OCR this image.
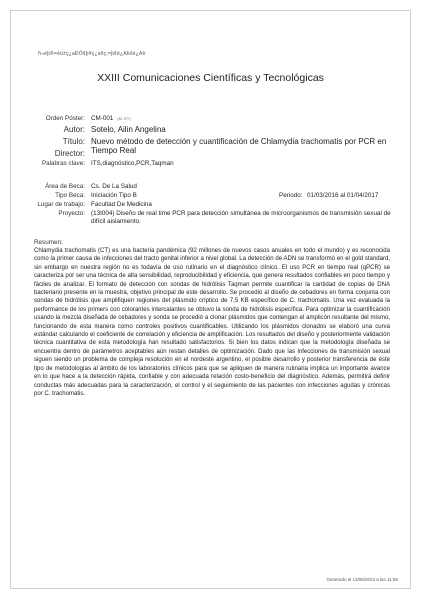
ñ¬éþ®=éü±ç¿aÐÖ¢þ¥ç¿añç;=þ¢é¿Abðé¿Atr
XXIII Comunicaciones Científicas y Tecnológicas
Orden Póster: CM-001 (ID: 977)
Autor: Sotelo, Ailin Angelina
Título: Nuevo método de detección y cuantificación de Chlamydia trachomatis por PCR en Tiempo Real
Director:
Palabras clave: ITS,diagnóstico,PCR,Taqman
Área de Beca: Cs. De La Salud
Tipo Beca: Iniciación Tipo B	Periodo: 01/03/2016 al 01/04/2017
Lugar de trabajo: Facultad De Medicina
Proyecto: (13I004) Diseño de real time PCR para detección simultánea de microorganismos de transmisión sexual de difícil aislamiento.
Resumen:
Chlamydia trachomatis (CT) es una bacteria pandémica (92 millones de nuevos casos anuales en todo el mundo) y es reconocida como la primer causa de infecciones del tracto genital inferior a nivel global. La detección de ADN se transformó en el gold standard, sin embargo en nuestra región no es todavía de uso rutinario en el diagnóstico clínico. El uso PCR en tiempo real (qPCR) se caracteriza por ser una técnica de alta sensibilidad, reproducibilidad y eficiencia, que genera resultados confiables en poco tiempo y fáciles de analizar. El formato de detección con sondas de hidrólisis Taqman permite cuantificar la cantidad de copias de DNA bacteriano presente en la muestra, objetivo principal de este desarrollo. Se procedió al diseño de cebadores en forma conjunta con sondas de hidrólisis que amplifiquen regiones del plásmido críptico de 7,5 KB específico de C. trachomatis. Una vez evaluada la performance de los primers con colorantes intercalantes se obtuvo la sonda de hidrólisis específica. Para optimizar la cuantificación usando la mezcla diseñada de cebadores y sonda se procedió a clonar plásmidos que contengan el amplicón resultante del mismo, funcionando de esta manera como controles positivos cuantificables. Utilizando los plásmidos clonados se elaboró una curva estándar calculando el coeficiente de correlación y eficiencia de amplificación. Los resultados del diseño y posteriormente validación técnica cuantitativa de esta metodología han resultado satisfactorios. Si bien los datos indican que la metodología diseñada se encuentra dentro de parámetros aceptables aún restan detalles de optimización. Dado que las infecciones de transmisión sexual siguen siendo un problema de compleja resolución en el nordeste argentino, el posible desarrollo y posterior transferencia de éste tipo de metodologías al ámbito de los laboratorios clínicos para que se apliquen de manera rutinaria implica un importante avance en lo que hace a la detección rápida, confiable y con adecuada relación costo-beneficio del diagnóstico. Además, permitirá definir conductas más adecuadas para la caracterización, el control y el seguimiento de las pacientes con infecciones agudas y crónicas por C. trachomatis.
Generado el 13/06/2023 a las 11:55
